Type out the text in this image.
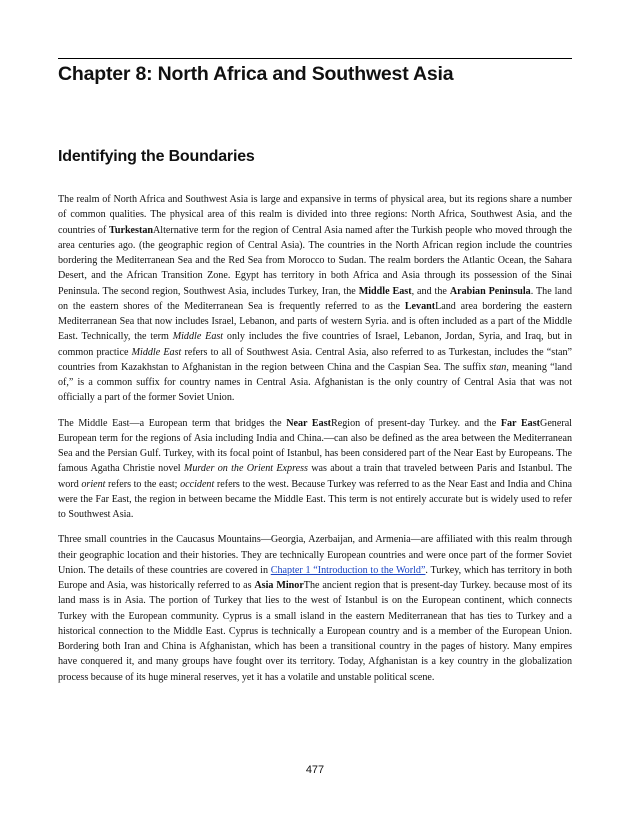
Chapter 8: North Africa and Southwest Asia
Identifying the Boundaries

The realm of North Africa and Southwest Asia is large and expansive in terms of physical area, but its regions share a number of common qualities. The physical area of this realm is divided into three regions: North Africa, Southwest Asia, and the countries of TurkestanAlternative term for the region of Central Asia named after the Turkish people who moved through the area centuries ago. (the geographic region of Central Asia). The countries in the North African region include the countries bordering the Mediterranean Sea and the Red Sea from Morocco to Sudan. The realm borders the Atlantic Ocean, the Sahara Desert, and the African Transition Zone. Egypt has territory in both Africa and Asia through its possession of the Sinai Peninsula. The second region, Southwest Asia, includes Turkey, Iran, the Middle East, and the Arabian Peninsula. The land on the eastern shores of the Mediterranean Sea is frequently referred to as the LevantLand area bordering the eastern Mediterranean Sea that now includes Israel, Lebanon, and parts of western Syria. and is often included as a part of the Middle East. Technically, the term Middle East only includes the five countries of Israel, Lebanon, Jordan, Syria, and Iraq, but in common practice Middle East refers to all of Southwest Asia. Central Asia, also referred to as Turkestan, includes the “stan” countries from Kazakhstan to Afghanistan in the region between China and the Caspian Sea. The suffix stan, meaning “land of,” is a common suffix for country names in Central Asia. Afghanistan is the only country of Central Asia that was not officially a part of the former Soviet Union.

The Middle East—a European term that bridges the Near EastRegion of present-day Turkey. and the Far EastGeneral European term for the regions of Asia including India and China.—can also be defined as the area between the Mediterranean Sea and the Persian Gulf. Turkey, with its focal point of Istanbul, has been considered part of the Near East by Europeans. The famous Agatha Christie novel Murder on the Orient Express was about a train that traveled between Paris and Istanbul. The word orient refers to the east; occident refers to the west. Because Turkey was referred to as the Near East and India and China were the Far East, the region in between became the Middle East. This term is not entirely accurate but is widely used to refer to Southwest Asia.

Three small countries in the Caucasus Mountains—Georgia, Azerbaijan, and Armenia—are affiliated with this realm through their geographic location and their histories. They are technically European countries and were once part of the former Soviet Union. The details of these countries are covered in Chapter 1 “Introduction to the World”. Turkey, which has territory in both Europe and Asia, was historically referred to as Asia MinorThe ancient region that is present-day Turkey. because most of its land mass is in Asia. The portion of Turkey that lies to the west of Istanbul is on the European continent, which connects Turkey with the European community. Cyprus is a small island in the eastern Mediterranean that has ties to Turkey and a historical connection to the Middle East. Cyprus is technically a European country and is a member of the European Union. Bordering both Iran and China is Afghanistan, which has been a transitional country in the pages of history. Many empires have conquered it, and many groups have fought over its territory. Today, Afghanistan is a key country in the globalization process because of its huge mineral reserves, yet it has a volatile and unstable political scene.

477
